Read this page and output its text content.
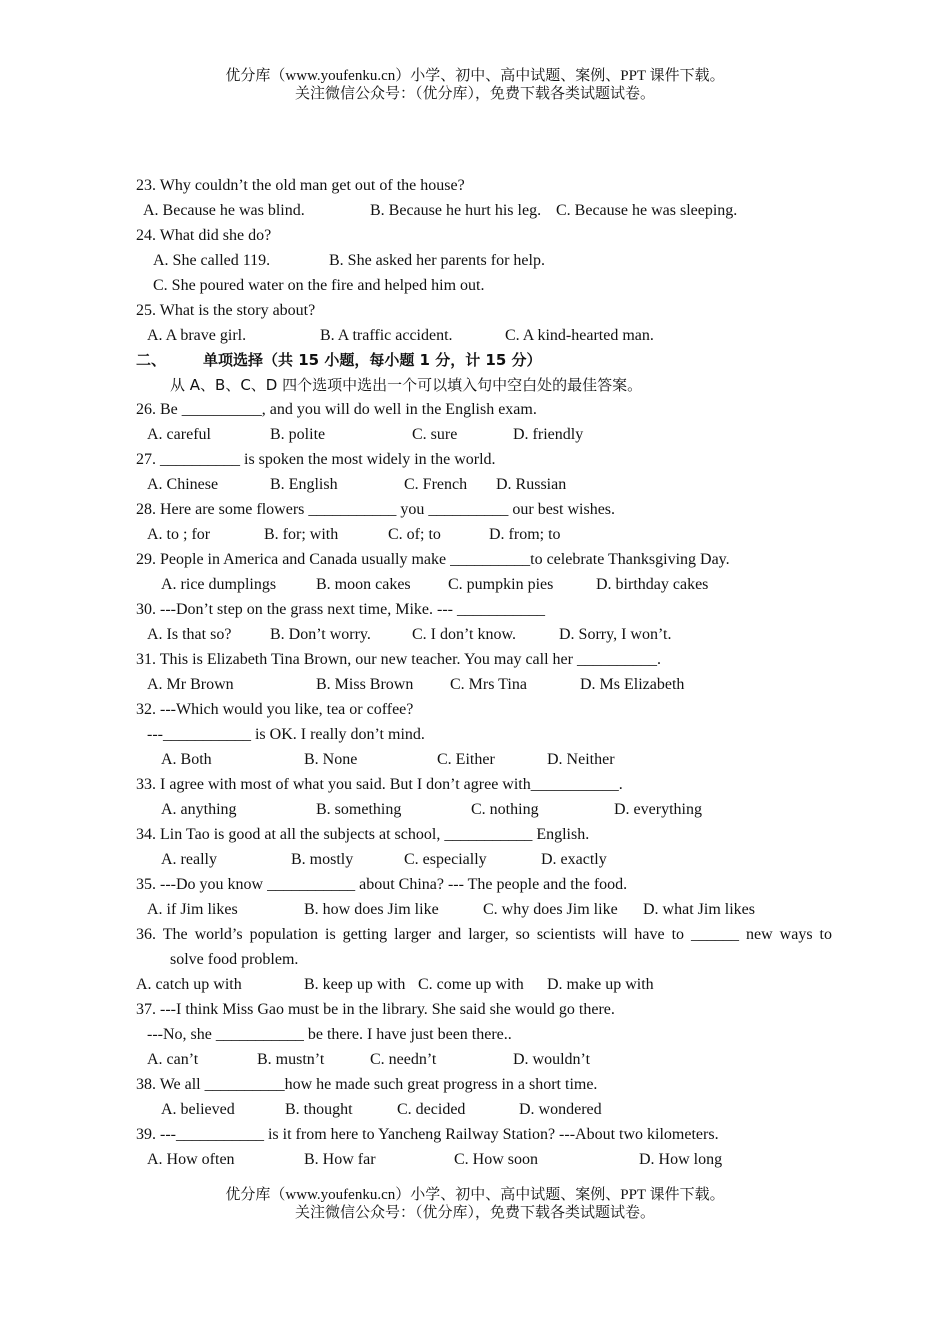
优分库（www.youfenku.cn）小学、初中、高中试题、案例、PPT 课件下载。
关注微信公众号：（优分库），免费下载各类试题试卷。
23. Why couldn’t the old man get out of the house?
A. Because he was blind.	B. Because he hurt his leg. C. Because he was sleeping.
24. What did she do?
A. She called 119.	B. She asked her parents for help.
C. She poured water on the fire and helped him out.
25. What is the story about?
A. A brave girl.	B. A traffic accident.	C. A kind-hearted man.
二、 单项选择（共 15 小题，每小题 1 分，计 15 分）
从 A、B、C、D 四个选项中选出一个可以填入句中空白处的最佳答案。
26. Be __________, and you will do well in the English exam.
A. careful	B. polite	C. sure	D. friendly
27. __________ is spoken the most widely in the world.
A. Chinese	B. English	C. French D. Russian
28. Here are some flowers ___________ you __________ our best wishes.
A. to ; for	B. for; with	C. of; to	D. from; to
29. People in America and Canada usually make __________to celebrate Thanksgiving Day.
A. rice dumplings B. moon cakes C. pumpkin pies	D. birthday cakes
30. ---Don’t step on the grass next time, Mike. --- ___________
A. Is that so? B. Don’t worry.	C. I don’t know.	D. Sorry, I won’t.
31. This is Elizabeth Tina Brown, our new teacher. You may call her __________.
A. Mr Brown	B. Miss Brown C. Mrs Tina	D. Ms Elizabeth
32. ---Which would you like, tea or coffee?
---___________ is OK. I really don’t mind.
A. Both	B. None	C. Either	D. Neither
33. I agree with most of what you said. But I don’t agree with___________.
A. anything	B. something	C. nothing	D. everything
34. Lin Tao is good at all the subjects at school, ___________ English.
A. really	B. mostly	C. especially	D. exactly
35. ---Do you know ___________ about China? --- The people and the food.
A. if Jim likes	B. how does Jim like	C. why does Jim like D. what Jim likes
36. The world’s population is getting larger and larger, so scientists will have to ______ new ways to
solve food problem.
A. catch up with	B. keep up with C. come up with D. make up with
37. ---I think Miss Gao must be in the library. She said she would go there.
---No, she ___________ be there. I have just been there..
A. can’t	B. mustn’t	C. needn’t	D. wouldn’t
38. We all __________how he made such great progress in a short time.
A. believed	B. thought	C. decided	D. wondered
39. ---___________ is it from here to Yancheng Railway Station? ---About two kilometers.
A. How often	B. How far	C. How soon	D. How long
优分库（www.youfenku.cn）小学、初中、高中试题、案例、PPT 课件下载。
关注微信公众号：（优分库），免费下载各类试题试卷。
